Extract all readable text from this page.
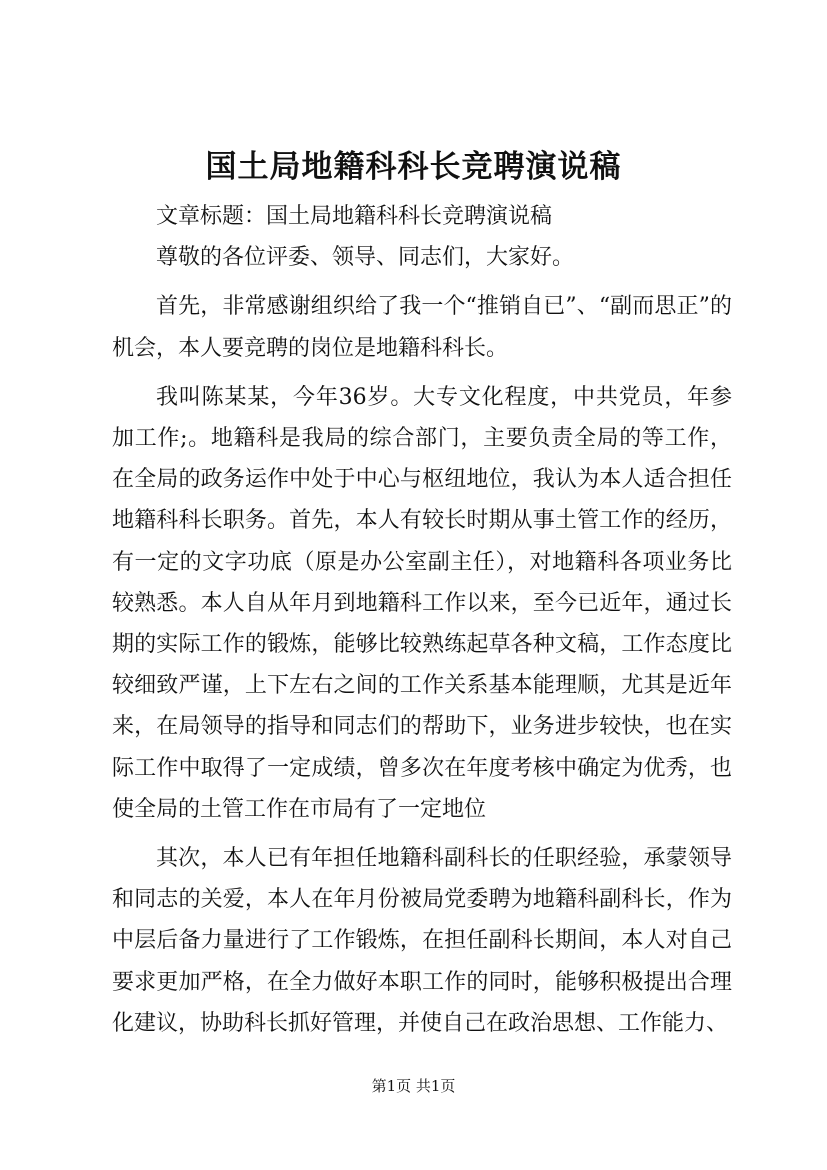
国土局地籍科科长竞聘演说稿

文章标题：国土局地籍科科长竞聘演说稿

尊敬的各位评委、领导、同志们，大家好。

首先，非常感谢组织给了我一个“推销自已”、“副而思正”的机会，本人要竞聘的岗位是地籍科科长。

我叫陈某某，今年36岁。大专文化程度，中共党员，年参加工作;。地籍科是我局的综合部门，主要负责全局的等工作，在全局的政务运作中处于中心与枢纽地位，我认为本人适合担任地籍科科长职务。首先，本人有较长时期从事土管工作的经历，有一定的文字功底（原是办公室副主任），对地籍科各项业务比较熟悉。本人自从年月到地籍科工作以来，至今已近年，通过长期的实际工作的锻炼，能够比较熟练起草各种文稿，工作态度比较细致严谨，上下左右之间的工作关系基本能理顺，尤其是近年来，在局领导的指导和同志们的帮助下，业务进步较快，也在实际工作中取得了一定成绩，曾多次在年度考核中确定为优秀，也使全局的土管工作在市局有了一定地位

其次，本人已有年担任地籍科副科长的任职经验，承蒙领导和同志的关爱，本人在年月份被局党委聘为地籍科副科长，作为中层后备力量进行了工作锻炼，在担任副科长期间，本人对自己要求更加严格，在全力做好本职工作的同时，能够积极提出合理化建议，协助科长抓好管理，并使自己在政治思想、工作能力、

第1页 共1页
